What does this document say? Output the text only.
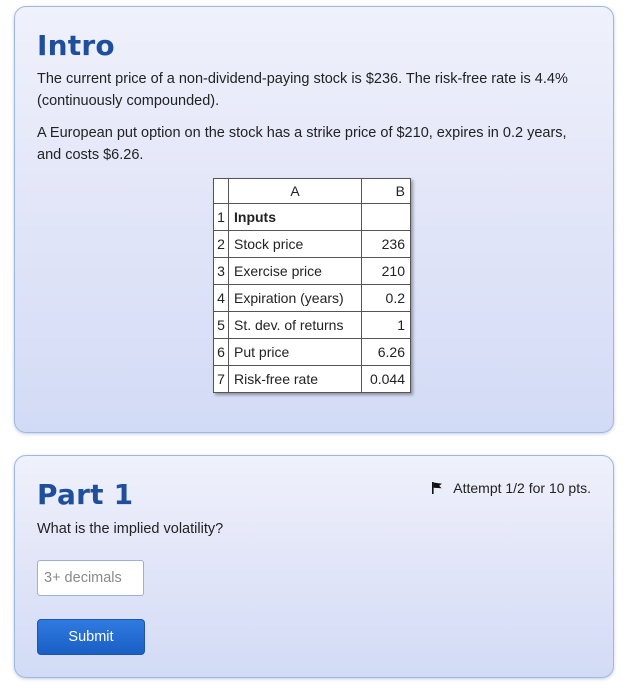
Intro

The current price of a non-dividend-paying stock is $236. The risk-free rate is 4.4% (continuously compounded).

A European put option on the stock has a strike price of $210, expires in 0.2 years, and costs $6.26.

	A	B
1	Inputs	
2	Stock price	236
3	Exercise price	210
4	Expiration (years)	0.2
5	St. dev. of returns	1
6	Put price	6.26
7	Risk-free rate	0.044
Part 1	Attempt 1/2 for 10 pts.

What is the implied volatility?

3+ decimals
Submit
